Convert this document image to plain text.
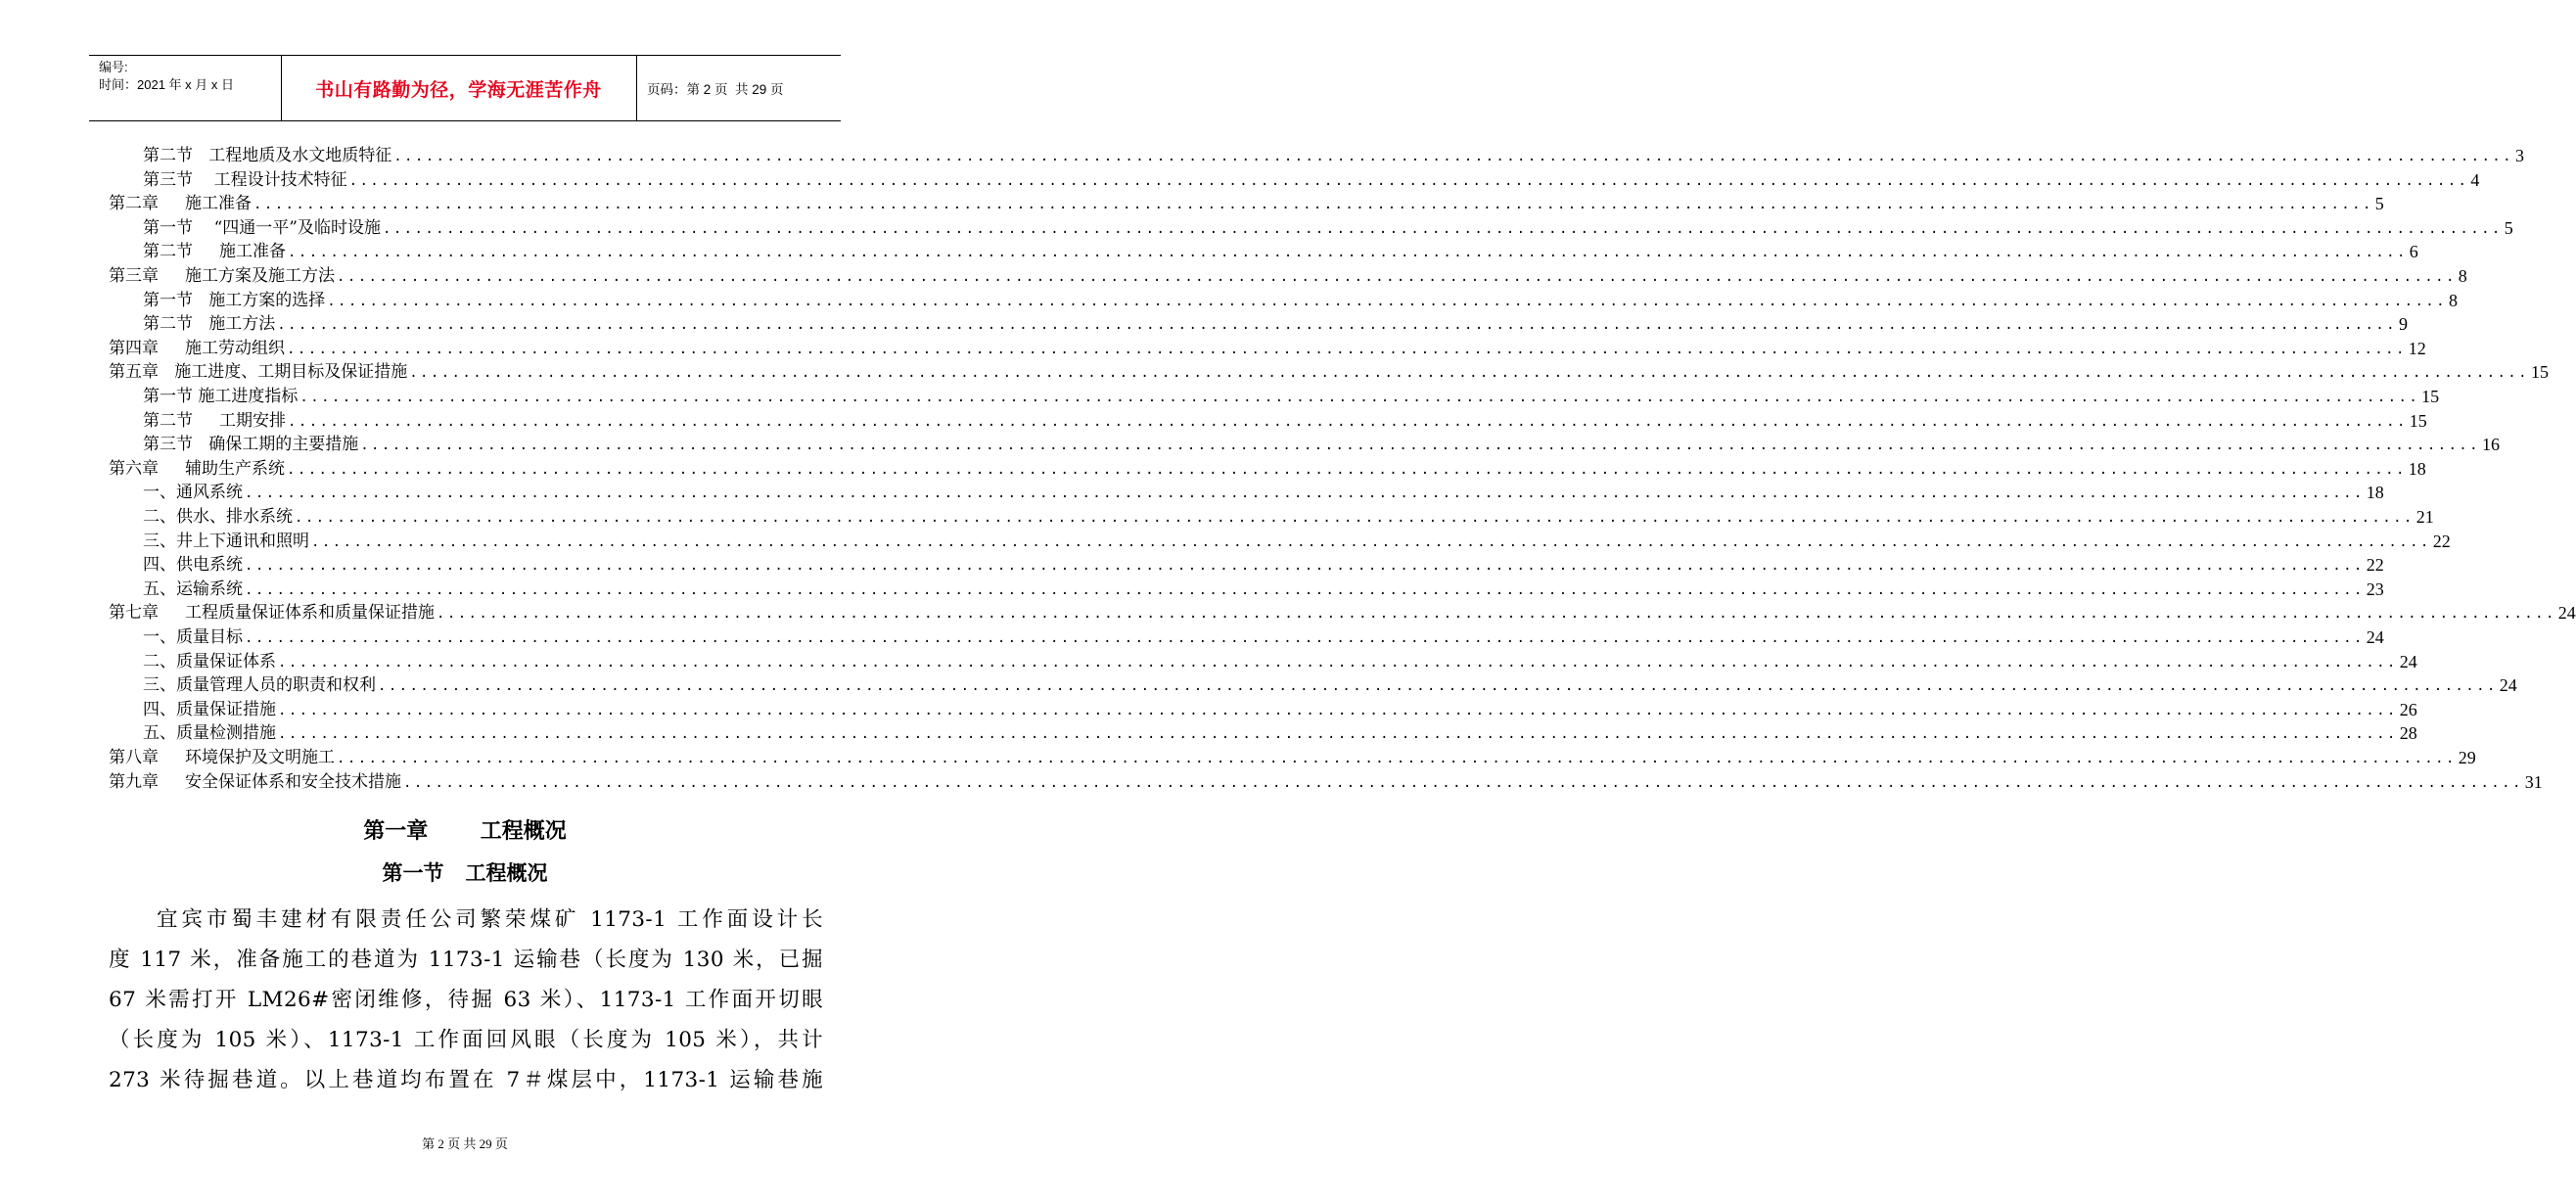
编号:
时间：2021 年 x 月 x 日	书山有路勤为径，学海无涯苦作舟	页码：第 2 页  共 29 页
第二节   工程地质及水文地质特征 ........................................................................................................................................................................................................ 3
第三节    工程设计技术特征 ........................................................................................................................................................................................................ 4
第二章     施工准备 ........................................................................................................................................................................................................ 5
第一节    “四通一平”及临时设施 ........................................................................................................................................................................................................ 5
第二节     施工准备 ........................................................................................................................................................................................................ 6
第三章     施工方案及施工方法 ........................................................................................................................................................................................................ 8
第一节   施工方案的选择 ........................................................................................................................................................................................................ 8
第二节   施工方法 ........................................................................................................................................................................................................ 9
第四章     施工劳动组织 ........................................................................................................................................................................................................ 12
第五章   施工进度、工期目标及保证措施 ........................................................................................................................................................................................................ 15
第一节 施工进度指标 ........................................................................................................................................................................................................ 15
第二节     工期安排 ........................................................................................................................................................................................................ 15
第三节   确保工期的主要措施 ........................................................................................................................................................................................................ 16
第六章     辅助生产系统 ........................................................................................................................................................................................................ 18
一、通风系统 ........................................................................................................................................................................................................ 18
二、供水、排水系统 ........................................................................................................................................................................................................ 21
三、井上下通讯和照明 ........................................................................................................................................................................................................ 22
四、供电系统 ........................................................................................................................................................................................................ 22
五、运输系统 ........................................................................................................................................................................................................ 23
第七章     工程质量保证体系和质量保证措施 ........................................................................................................................................................................................................ 24
一、质量目标 ........................................................................................................................................................................................................ 24
二、质量保证体系 ........................................................................................................................................................................................................ 24
三、质量管理人员的职责和权利 ........................................................................................................................................................................................................ 24
四、质量保证措施 ........................................................................................................................................................................................................ 26
五、质量检测措施 ........................................................................................................................................................................................................ 28
第八章     环境保护及文明施工 ........................................................................................................................................................................................................ 29
第九章     安全保证体系和安全技术措施 ........................................................................................................................................................................................................ 31
第一章       工程概况
第一节   工程概况
宜宾市蜀丰建材有限责任公司繁荣煤矿 1173-1 工作面设计长
度 117 米，准备施工的巷道为 1173-1 运输巷（长度为 130 米，已掘
67 米需打开 LM26#密闭维修，待掘 63 米）、1173-1 工作面开切眼
（长度为 105 米）、1173-1 工作面回风眼（长度为 105 米），共计
273 米待掘巷道。以上巷道均布置在 7＃煤层中，1173-1 运输巷施
第 2 页 共 29 页
